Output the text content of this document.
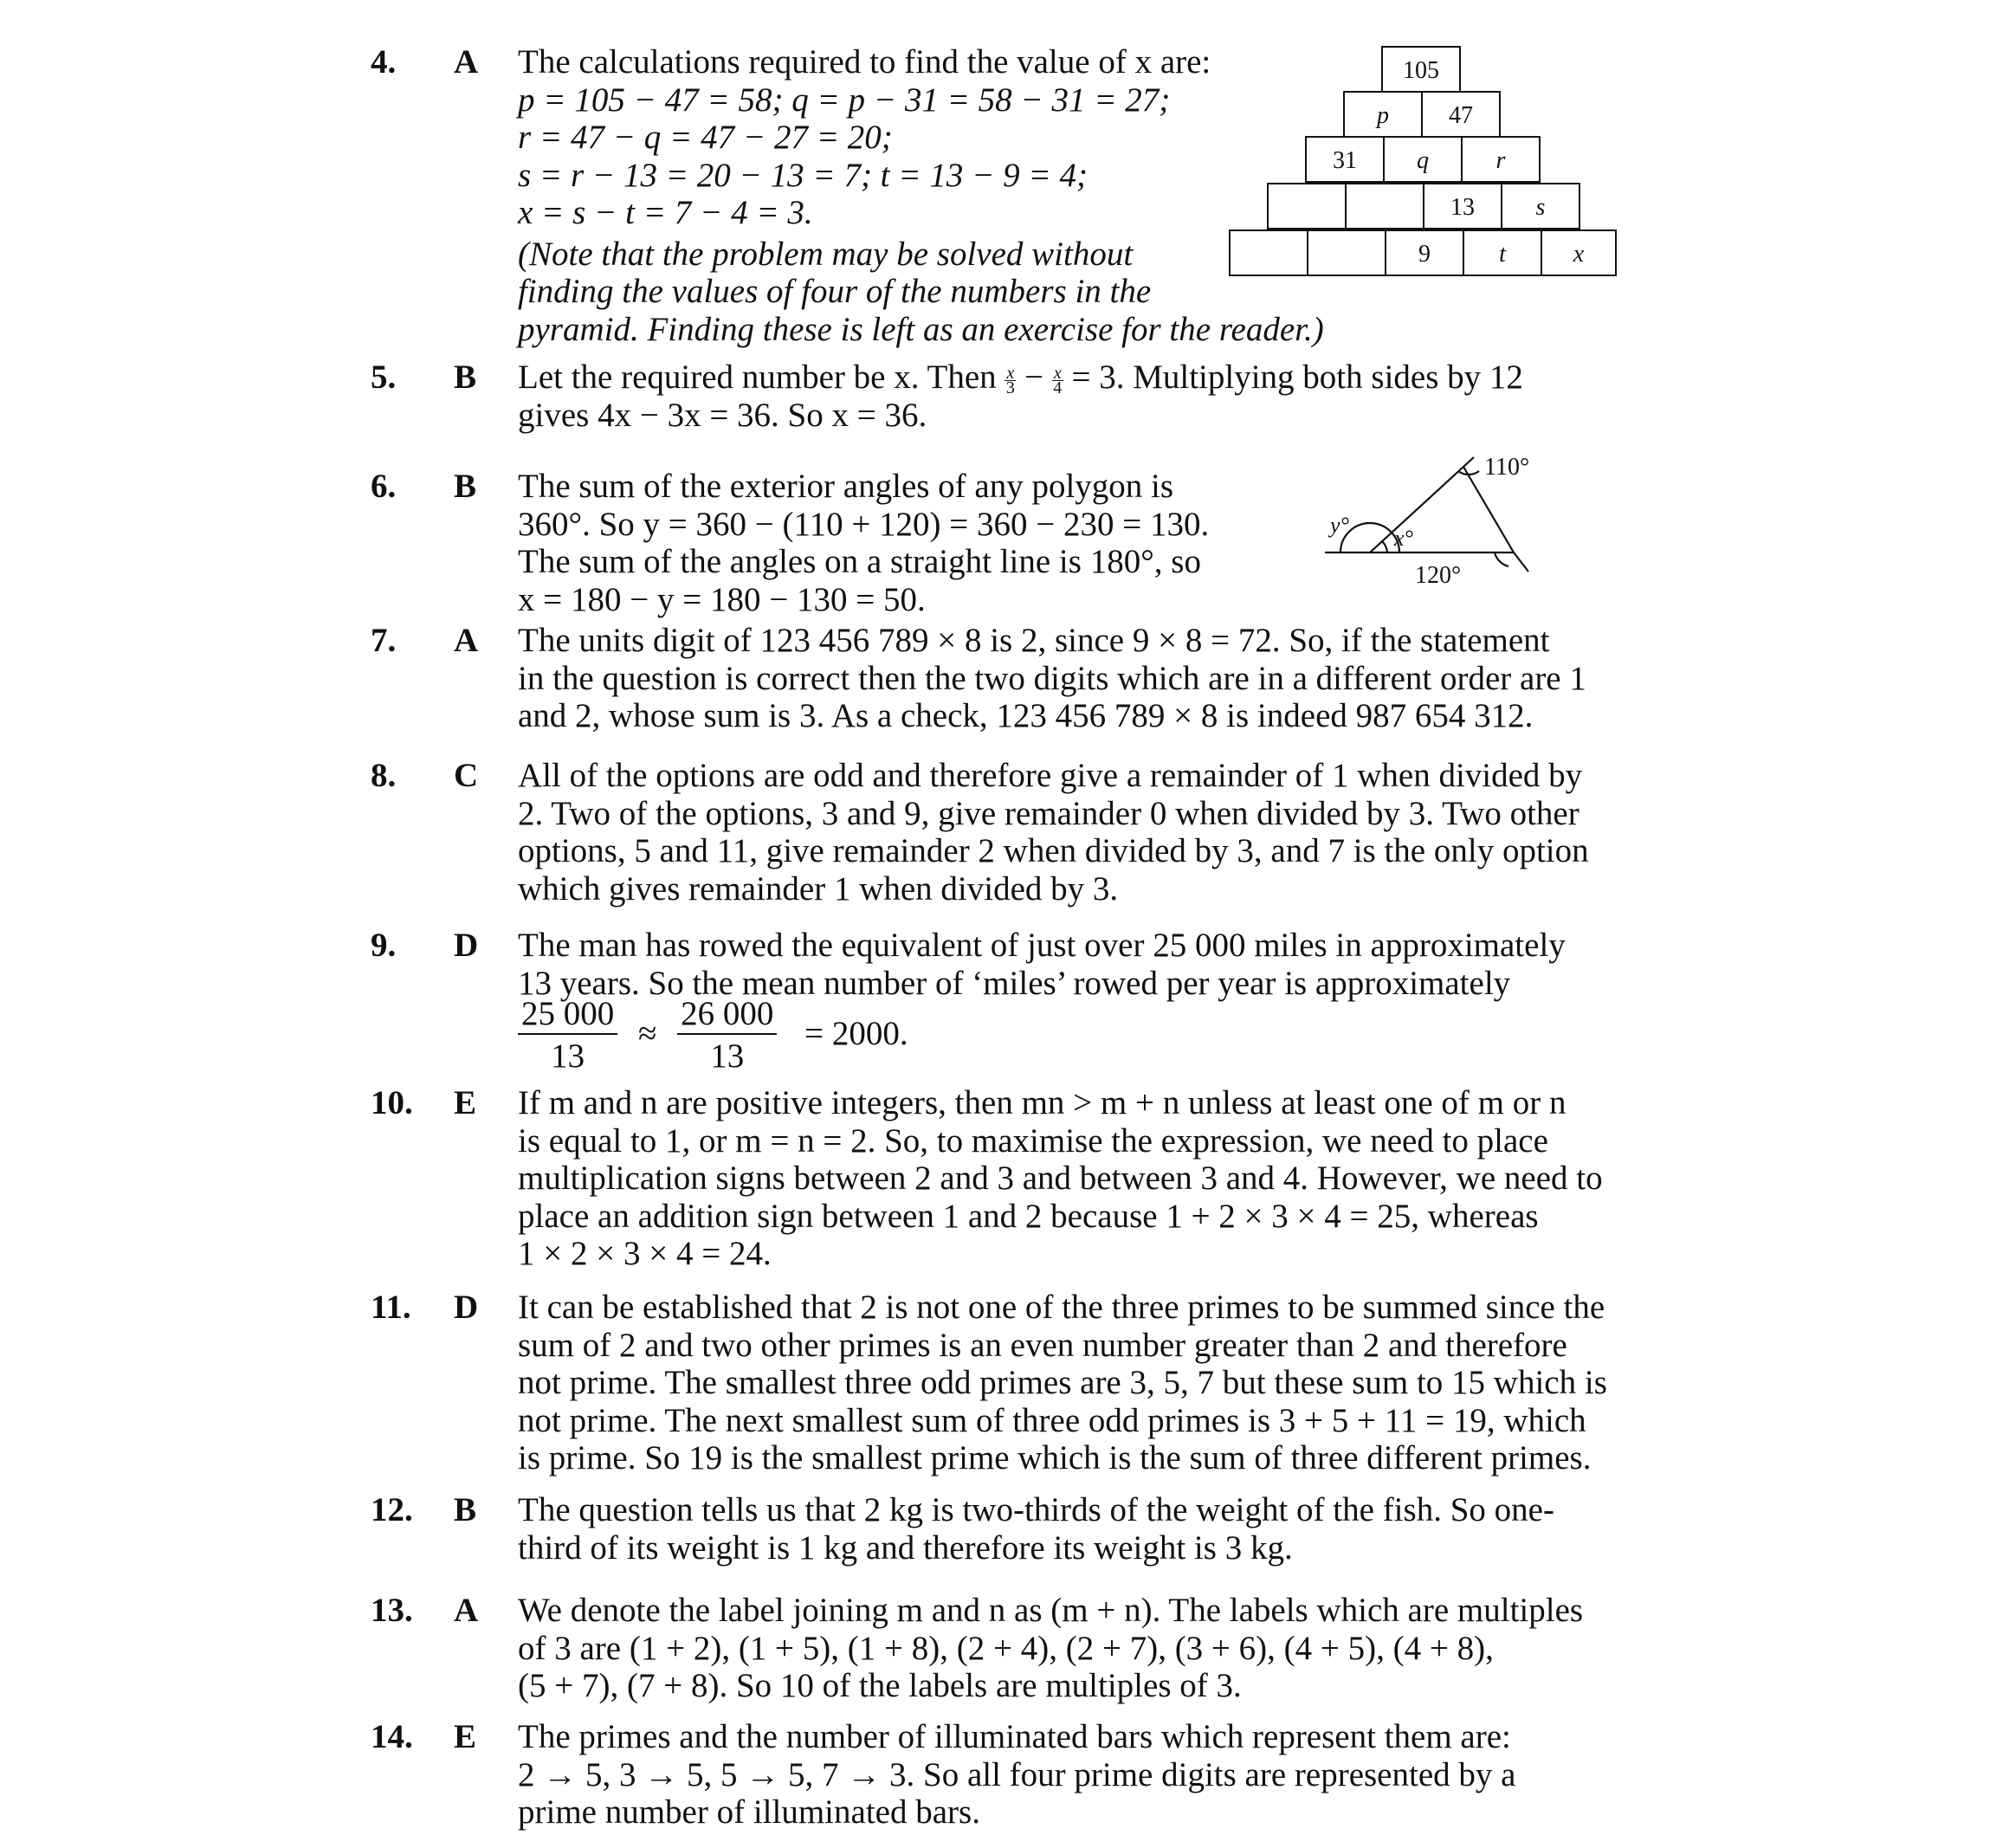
4. A The calculations required to find the value of x are:
p = 105 − 47 = 58; q = p − 31 = 58 − 31 = 27;
r = 47 − q = 47 − 27 = 20;
s = r − 13 = 20 − 13 = 7; t = 13 − 9 = 4;
x = s − t = 7 − 4 = 3.
(Note that the problem may be solved without
finding the values of four of the numbers in the
pyramid. Finding these is left as an exercise for the reader.)
105
p 47
31 q	r
13	s
9	t	x
5. B Let the required number be x. Then $\frac{x}{3} - \frac{x}{4} = 3$. Multiplying both sides by 12
gives 4x − 3x = 36. So x = 36.
6. B The sum of the exterior angles of any polygon is
360°. So y = 360 − (110 + 120) = 360 − 230 = 130.
The sum of the angles on a straight line is 180°, so
x = 180 − y = 180 − 130 = 50.
110°
120°
y°
x°
7. A The units digit of 123 456 789 × 8 is 2, since 9 × 8 = 72. So, if the statement
in the question is correct then the two digits which are in a different order are 1
and 2, whose sum is 3. As a check, 123 456 789 × 8 is indeed 987 654 312.
8. C All of the options are odd and therefore give a remainder of 1 when divided by
2. Two of the options, 3 and 9, give remainder 0 when divided by 3. Two other
options, 5 and 11, give remainder 2 when divided by 3, and 7 is the only option
which gives remainder 1 when divided by 3.
9. D The man has rowed the equivalent of just over 25 000 miles in approximately
13 years. So the mean number of ‘miles’ rowed per year is approximately
$\frac{25 000}{13} \approx \frac{26 000}{13} = 2000$.
10. E If m and n are positive integers, then mn > m + n unless at least one of m or n
is equal to 1, or m = n = 2. So, to maximise the expression, we need to place
multiplication signs between 2 and 3 and between 3 and 4. However, we need to
place an addition sign between 1 and 2 because 1 + 2 × 3 × 4 = 25, whereas
1 × 2 × 3 × 4 = 24.
11. D It can be established that 2 is not one of the three primes to be summed since the
sum of 2 and two other primes is an even number greater than 2 and therefore
not prime. The smallest three odd primes are 3, 5, 7 but these sum to 15 which is
not prime. The next smallest sum of three odd primes is 3 + 5 + 11 = 19, which
is prime. So 19 is the smallest prime which is the sum of three different primes.
12. B The question tells us that 2 kg is two-thirds of the weight of the fish. So one-
third of its weight is 1 kg and therefore its weight is 3 kg.
13. A We denote the label joining m and n as (m + n). The labels which are multiples
of 3 are (1 + 2), (1 + 5), (1 + 8), (2 + 4), (2 + 7), (3 + 6), (4 + 5), (4 + 8),
(5 + 7), (7 + 8). So 10 of the labels are multiples of 3.
14. E The primes and the number of illuminated bars which represent them are:
2 → 5, 3 → 5, 5 → 5, 7 → 3. So all four prime digits are represented by a
prime number of illuminated bars.
